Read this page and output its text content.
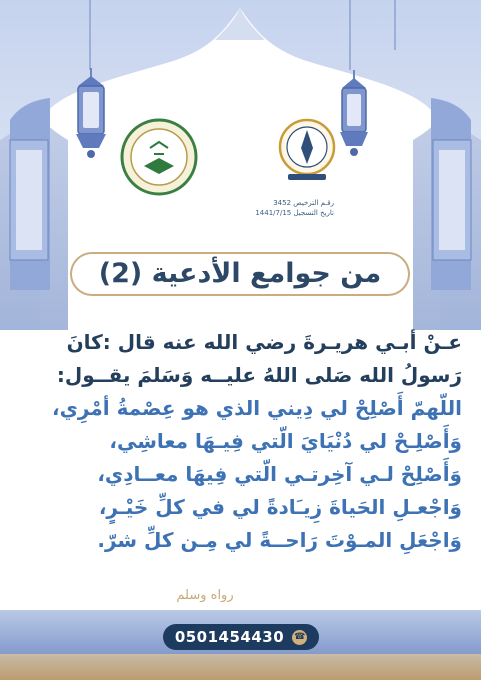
رقـم الترخيص 3452
تاريخ التسجيل 1441/7/15
من جوامع الأدعية (2)
عـنْ أبـي هريـرةَ رضي الله عنه قال :كانَ
رَسولُ الله صَلى اللهُ عليــه وَسَلمَ يقــول:
اللّهمّ أَصْلِحْ لي دِيني الذي هو عِصْمةُ أمْرِي،
وَأَصْلِـحْ لي دُنْيَايَ الّتي فِيـهَا معاشِي،
وَأَصْلِحْ لـي آخِرتـي الّتي فِيهَا معــادِي،
وَاجْعـلِ الحَياةَ زِيـَادةً لي في كلِّ خَيْـرٍ،
وَاجْعَلِ المـوْتَ رَاحــةً لي مِـن كلِّ شرّ.
رواه وسلم
0501454430 ☎
